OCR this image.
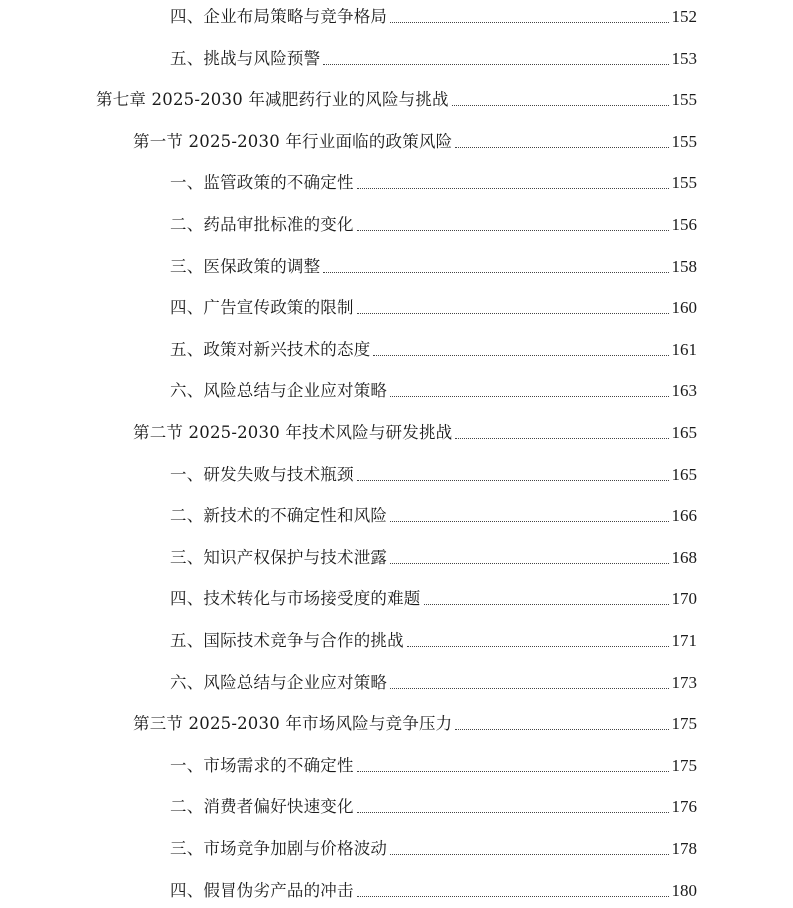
四、企业布局策略与竞争格局	152
五、挑战与风险预警	153
第七章 2025-2030 年减肥药行业的风险与挑战	155
第一节 2025-2030 年行业面临的政策风险	155
一、监管政策的不确定性	155
二、药品审批标准的变化	156
三、医保政策的调整	158
四、广告宣传政策的限制	160
五、政策对新兴技术的态度	161
六、风险总结与企业应对策略	163
第二节 2025-2030 年技术风险与研发挑战	165
一、研发失败与技术瓶颈	165
二、新技术的不确定性和风险	166
三、知识产权保护与技术泄露	168
四、技术转化与市场接受度的难题	170
五、国际技术竞争与合作的挑战	171
六、风险总结与企业应对策略	173
第三节 2025-2030 年市场风险与竞争压力	175
一、市场需求的不确定性	175
二、消费者偏好快速变化	176
三、市场竞争加剧与价格波动	178
四、假冒伪劣产品的冲击	180
